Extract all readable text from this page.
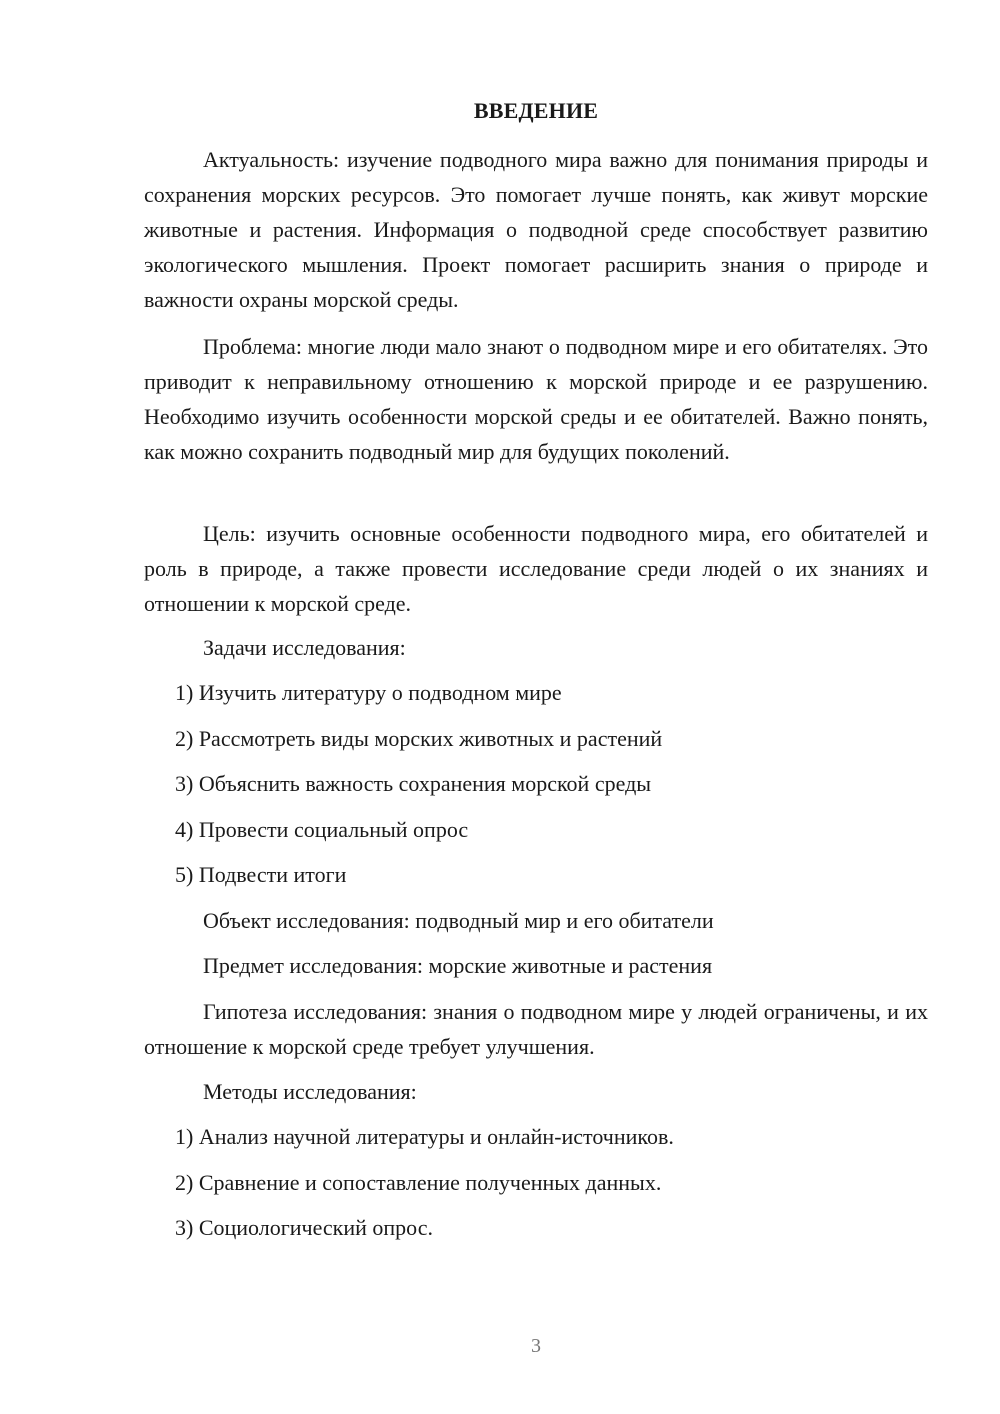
ВВЕДЕНИЕ

Актуальность: изучение подводного мира важно для понимания природы и сохранения морских ресурсов. Это помогает лучше понять, как живут морские животные и растения. Информация о подводной среде способствует развитию экологического мышления. Проект помогает расширить знания о природе и важности охраны морской среды.

Проблема: многие люди мало знают о подводном мире и его обитателях. Это приводит к неправильному отношению к морской природе и ее разрушению. Необходимо изучить особенности морской среды и ее обитателей. Важно понять, как можно сохранить подводный мир для будущих поколений.

Цель: изучить основные особенности подводного мира, его обитателей и роль в природе, а также провести исследование среди людей о их знаниях и отношении к морской среде.

Задачи исследования:
1) Изучить литературу о подводном мире
2) Рассмотреть виды морских животных и растений
3) Объяснить важность сохранения морской среды
4) Провести социальный опрос
5) Подвести итоги
Объект исследования: подводный мир и его обитатели
Предмет исследования: морские животные и растения

Гипотеза исследования: знания о подводном мире у людей ограничены, и их отношение к морской среде требует улучшения.

Методы исследования:
1) Анализ научной литературы и онлайн-источников.
2) Сравнение и сопоставление полученных данных.
3) Социологический опрос.
3
